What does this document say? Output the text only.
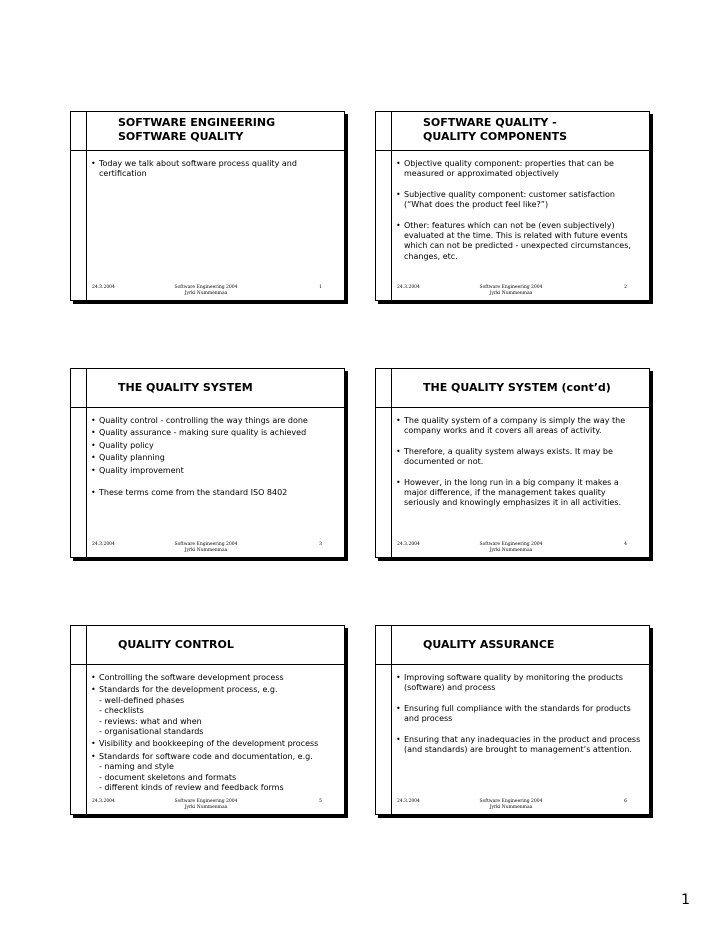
SOFTWARE ENGINEERING
SOFTWARE QUALITY
• Today we talk about software process quality and certification
24.3.2004	Software Engineering 2004
Jyrki Nummenmaa
1
SOFTWARE QUALITY -
QUALITY COMPONENTS
• Objective quality component: properties that can be measured or approximated objectively
• Subjective quality component: customer satisfaction (“What does the product feel like?”)
• Other: features which can not be (even subjectively) evaluated at the time. This is related with future events which can not be predicted - unexpected circumstances, changes, etc.
24.3.2004	Software Engineering 2004
Jyrki Nummenmaa
2
THE QUALITY SYSTEM
• Quality control - controlling the way things are done
• Quality assurance - making sure quality is achieved
• Quality policy
• Quality planning
• Quality improvement
• These terms come from the standard ISO 8402
24.3.2004	Software Engineering 2004
Jyrki Nummenmaa
3
THE QUALITY SYSTEM (cont’d)
• The quality system of a company is simply the way the company works and it covers all areas of activity.
• Therefore, a quality system always exists. It may be documented or not.
• However, in the long run in a big company it makes a major difference, if the management takes quality seriously and knowingly emphasizes it in all activities.
24.3.2004	Software Engineering 2004
Jyrki Nummenmaa
4
QUALITY CONTROL
• Controlling the software development process
• Standards for the development process, e.g.
- well-defined phases
- checklists
- reviews: what and when
- organisational standards
• Visibility and bookkeeping of the development process
• Standards for software code and documentation, e.g.
- naming and style
- document skeletons and formats
- different kinds of review and feedback forms
24.3.2004	Software Engineering 2004
Jyrki Nummenmaa
5
QUALITY ASSURANCE
• Improving software quality by monitoring the products (software) and process
• Ensuring full compliance with the standards for products and process
• Ensuring that any inadequacies in the product and process (and standards) are brought to management’s attention.
24.3.2004	Software Engineering 2004
Jyrki Nummenmaa
6
1
